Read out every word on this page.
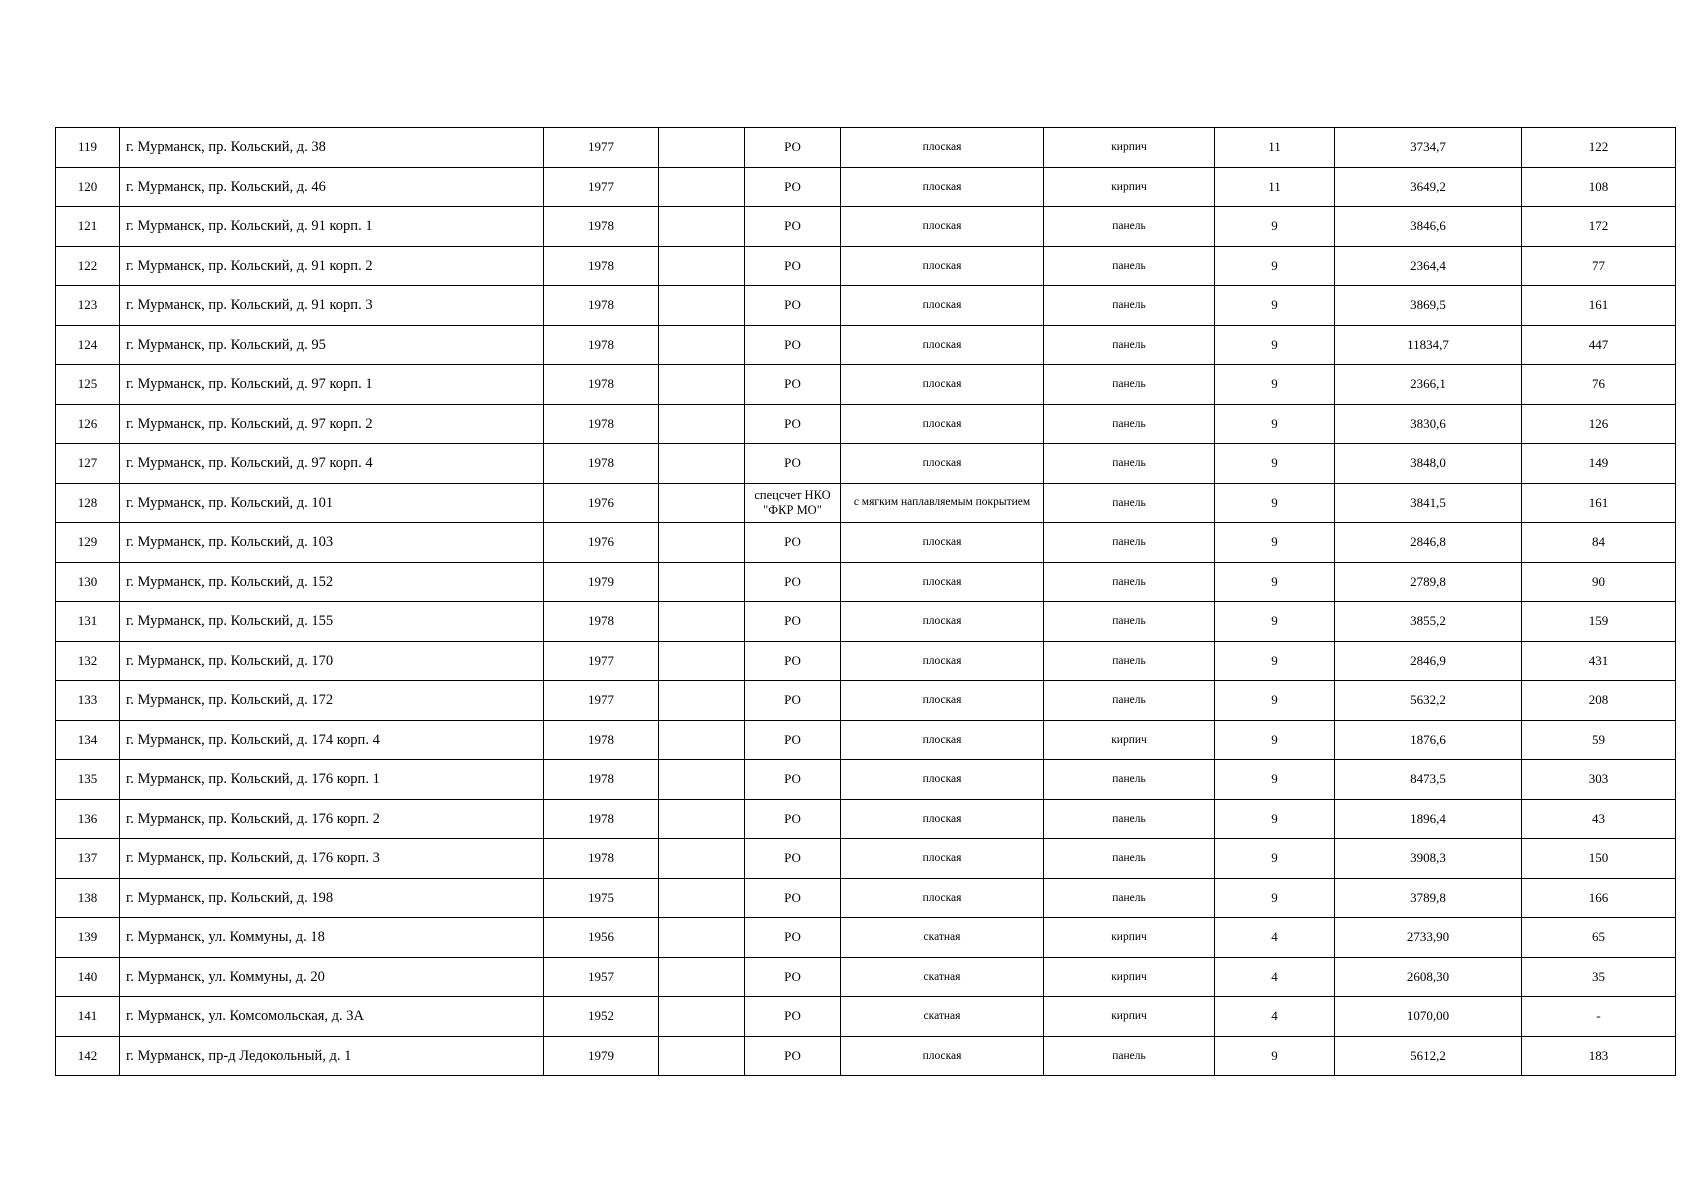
119	г. Мурманск, пр. Кольский, д. 38	1977		РО	плоская	кирпич	11	3734,7	122
120	г. Мурманск, пр. Кольский, д. 46	1977		РО	плоская	кирпич	11	3649,2	108
121	г. Мурманск, пр. Кольский, д. 91 корп. 1	1978		РО	плоская	панель	9	3846,6	172
122	г. Мурманск, пр. Кольский, д. 91 корп. 2	1978		РО	плоская	панель	9	2364,4	77
123	г. Мурманск, пр. Кольский, д. 91 корп. 3	1978		РО	плоская	панель	9	3869,5	161
124	г. Мурманск, пр. Кольский, д. 95	1978		РО	плоская	панель	9	11834,7	447
125	г. Мурманск, пр. Кольский, д. 97 корп. 1	1978		РО	плоская	панель	9	2366,1	76
126	г. Мурманск, пр. Кольский, д. 97 корп. 2	1978		РО	плоская	панель	9	3830,6	126
127	г. Мурманск, пр. Кольский, д. 97 корп. 4	1978		РО	плоская	панель	9	3848,0	149
128	г. Мурманск, пр. Кольский, д. 101	1976		спецсчет НКО "ФКР МО"	с мягким наплавляемым покрытием	панель	9	3841,5	161
129	г. Мурманск, пр. Кольский, д. 103	1976		РО	плоская	панель	9	2846,8	84
130	г. Мурманск, пр. Кольский, д. 152	1979		РО	плоская	панель	9	2789,8	90
131	г. Мурманск, пр. Кольский, д. 155	1978		РО	плоская	панель	9	3855,2	159
132	г. Мурманск, пр. Кольский, д. 170	1977		РО	плоская	панель	9	2846,9	431
133	г. Мурманск, пр. Кольский, д. 172	1977		РО	плоская	панель	9	5632,2	208
134	г. Мурманск, пр. Кольский, д. 174 корп. 4	1978		РО	плоская	кирпич	9	1876,6	59
135	г. Мурманск, пр. Кольский, д. 176 корп. 1	1978		РО	плоская	панель	9	8473,5	303
136	г. Мурманск, пр. Кольский, д. 176 корп. 2	1978		РО	плоская	панель	9	1896,4	43
137	г. Мурманск, пр. Кольский, д. 176 корп. 3	1978		РО	плоская	панель	9	3908,3	150
138	г. Мурманск, пр. Кольский, д. 198	1975		РО	плоская	панель	9	3789,8	166
139	г. Мурманск, ул. Коммуны, д. 18	1956		РО	скатная	кирпич	4	2733,90	65
140	г. Мурманск, ул. Коммуны, д. 20	1957		РО	скатная	кирпич	4	2608,30	35
141	г. Мурманск, ул. Комсомольская, д. 3А	1952		РО	скатная	кирпич	4	1070,00	-
142	г. Мурманск, пр-д Ледокольный, д. 1	1979		РО	плоская	панель	9	5612,2	183
